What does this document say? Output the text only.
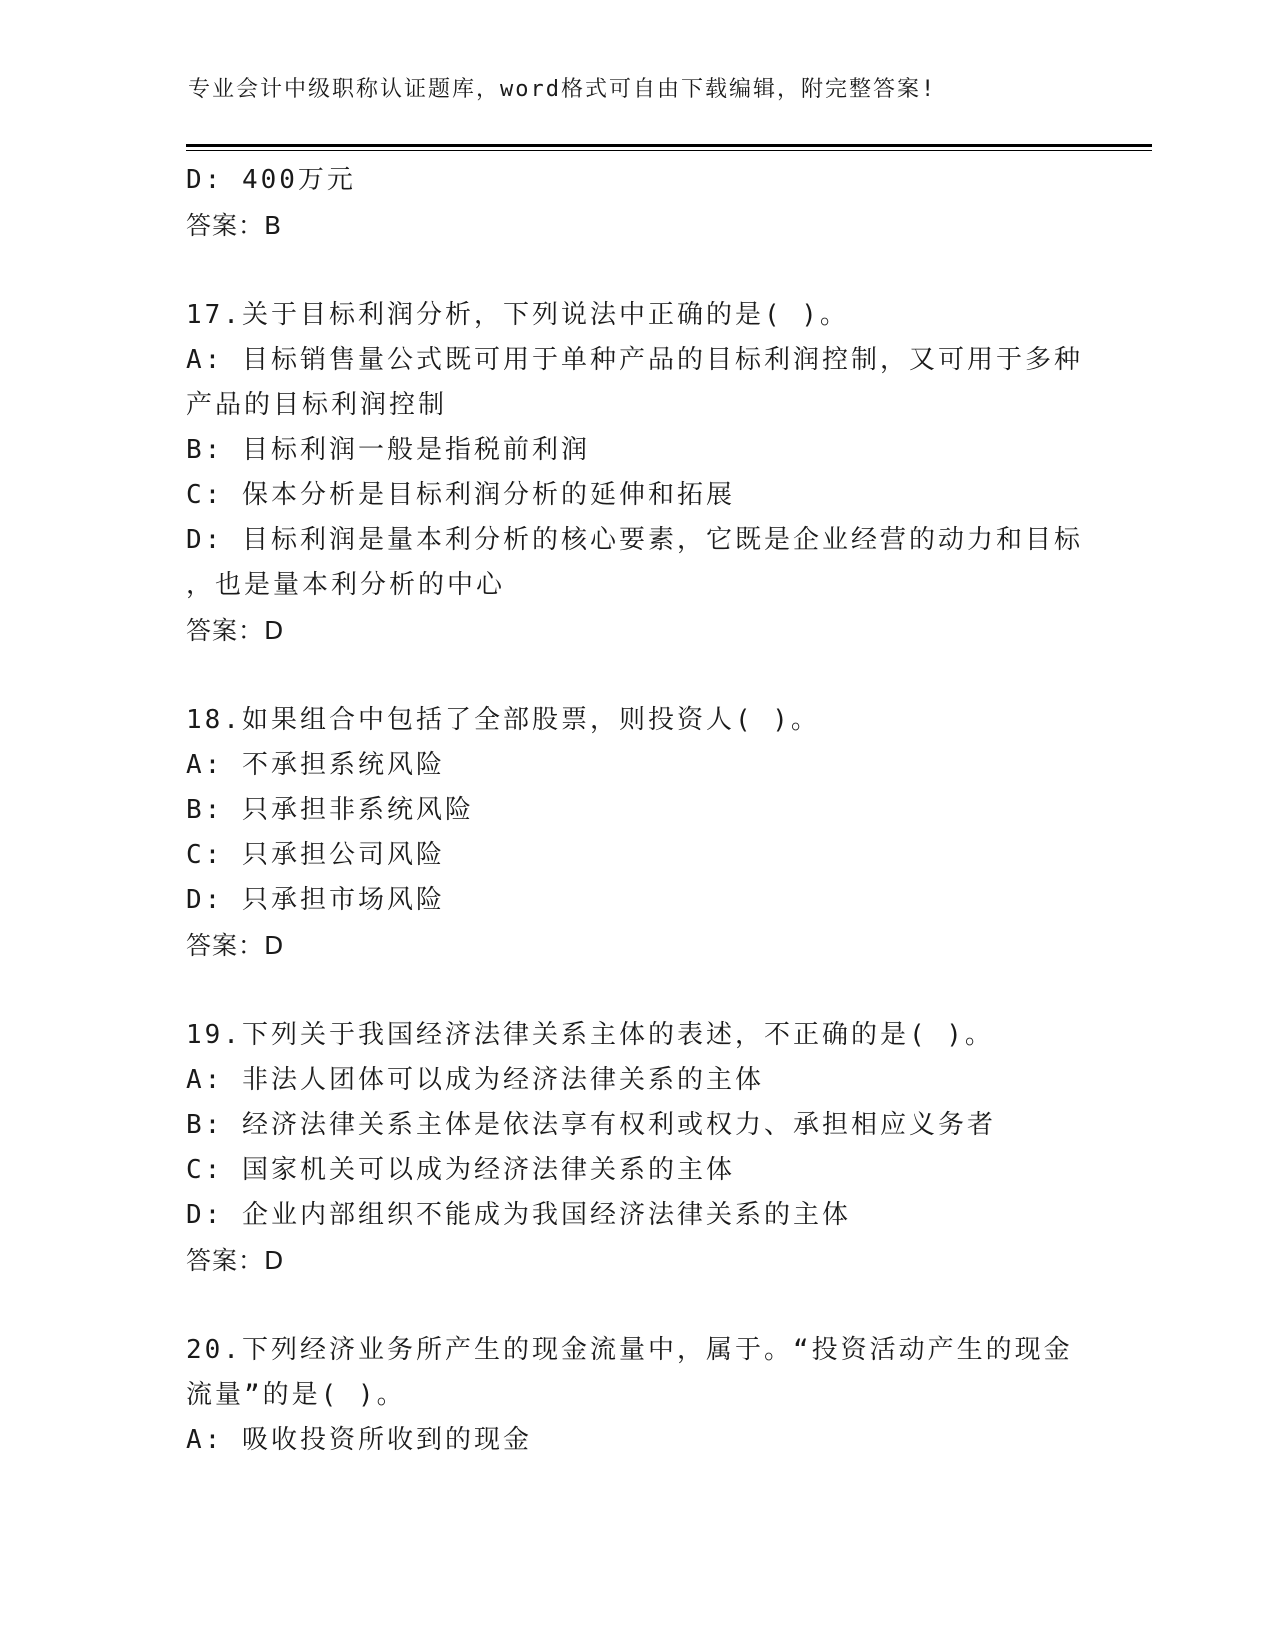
专业会计中级职称认证题库，word格式可自由下载编辑，附完整答案!
D: 400万元
答案：B
17.关于目标利润分析，下列说法中正确的是( )。
A: 目标销售量公式既可用于单种产品的目标利润控制，又可用于多种
产品的目标利润控制
B: 目标利润一般是指税前利润
C: 保本分析是目标利润分析的延伸和拓展
D: 目标利润是量本利分析的核心要素，它既是企业经营的动力和目标
，也是量本利分析的中心
答案：D
18.如果组合中包括了全部股票，则投资人( )。
A: 不承担系统风险
B: 只承担非系统风险
C: 只承担公司风险
D: 只承担市场风险
答案：D
19.下列关于我国经济法律关系主体的表述，不正确的是( )。
A: 非法人团体可以成为经济法律关系的主体
B: 经济法律关系主体是依法享有权利或权力、承担相应义务者
C: 国家机关可以成为经济法律关系的主体
D: 企业内部组织不能成为我国经济法律关系的主体
答案：D
20.下列经济业务所产生的现金流量中，属于。“投资活动产生的现金
流量”的是( )。
A: 吸收投资所收到的现金
